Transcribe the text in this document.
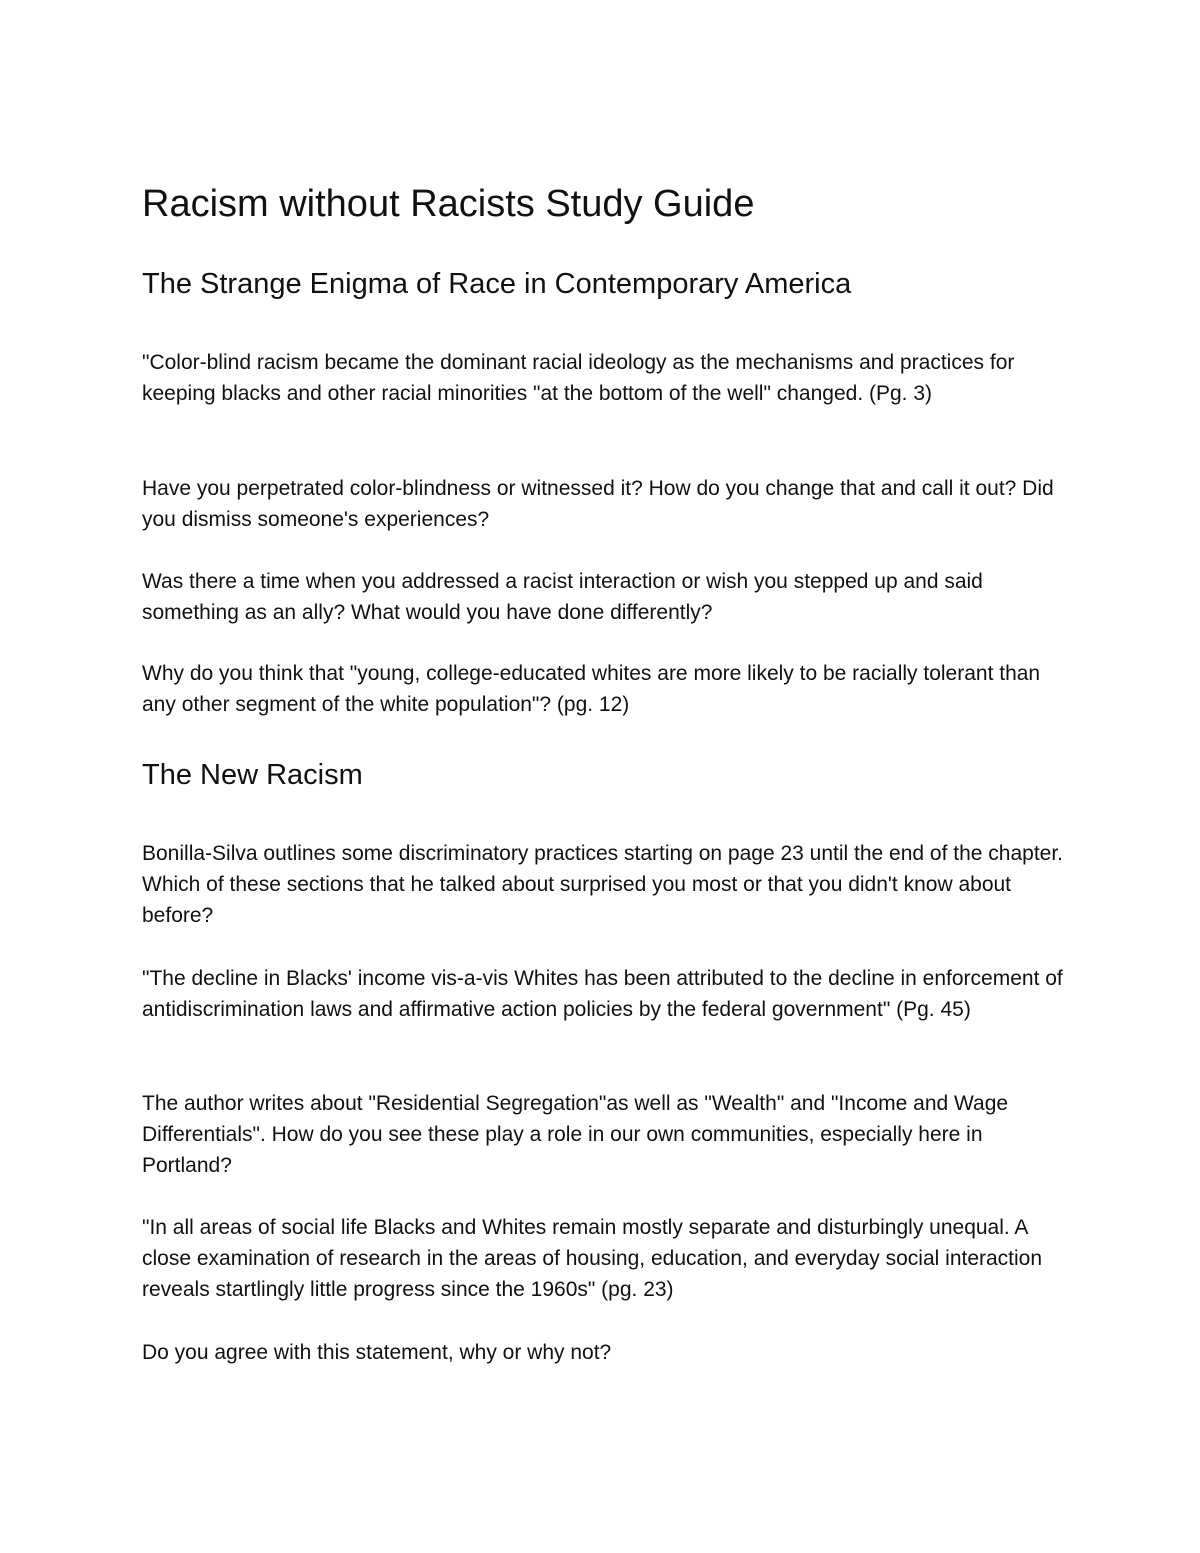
Racism without Racists Study Guide
The Strange Enigma of Race in Contemporary America

"Color-blind racism became the dominant racial ideology as the mechanisms and practices for keeping blacks and other racial minorities "at the bottom of the well" changed. (Pg. 3)

Have you perpetrated color-blindness or witnessed it? How do you change that and call it out? Did you dismiss someone's experiences?

Was there a time when you addressed a racist interaction or wish you stepped up and said something as an ally? What would you have done differently?

Why do you think that "young, college-educated whites are more likely to be racially tolerant than any other segment of the white population"? (pg. 12)

The New Racism

Bonilla-Silva outlines some discriminatory practices starting on page 23 until the end of the chapter. Which of these sections that he talked about surprised you most or that you didn't know about before?

"The decline in Blacks' income vis-a-vis Whites has been attributed to the decline in enforcement of antidiscrimination laws and affirmative action policies by the federal government" (Pg. 45)

The author writes about "Residential Segregation"as well as "Wealth" and "Income and Wage Differentials". How do you see these play a role in our own communities, especially here in Portland?

"In all areas of social life Blacks and Whites remain mostly separate and disturbingly unequal. A close examination of research in the areas of housing, education, and everyday social interaction reveals startlingly little progress since the 1960s" (pg. 23)

Do you agree with this statement, why or why not?
